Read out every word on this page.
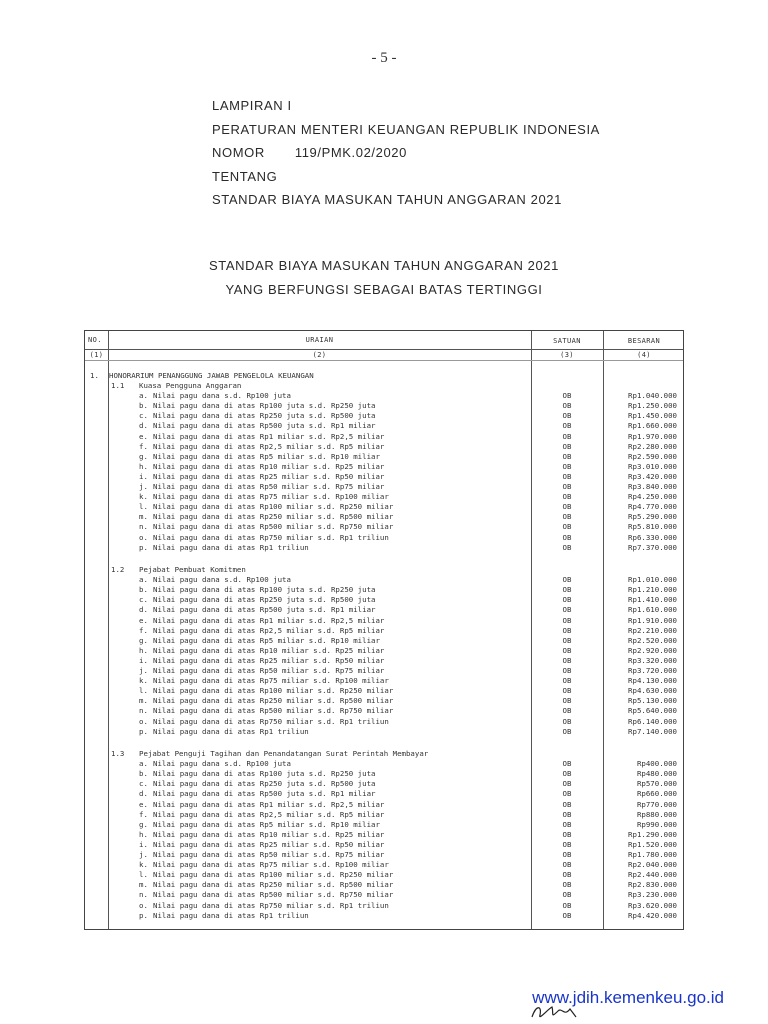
- 5 -
LAMPIRAN I
PERATURAN MENTERI KEUANGAN REPUBLIK INDONESIA
NOMOR 119/PMK.02/2020
TENTANG
STANDAR BIAYA MASUKAN TAHUN ANGGARAN 2021
STANDAR BIAYA MASUKAN TAHUN ANGGARAN 2021
YANG BERFUNGSI SEBAGAI BATAS TERTINGGI
NO.	URAIAN	SATUAN	BESARAN
(1)	(2)	(3)	(4)
1. HONORARIUM PENANGGUNG JAWAB PENGELOLA KEUANGAN
1.1 Kuasa Pengguna Anggaran
a. Nilai pagu dana s.d. Rp100 juta	OB	Rp1.040.000
b. Nilai pagu dana di atas Rp100 juta s.d. Rp250 juta	OB	Rp1.250.000
c. Nilai pagu dana di atas Rp250 juta s.d. Rp500 juta	OB	Rp1.450.000
d. Nilai pagu dana di atas Rp500 juta s.d. Rp1 miliar	OB	Rp1.660.000
e. Nilai pagu dana di atas Rp1 miliar s.d. Rp2,5 miliar	OB	Rp1.970.000
f. Nilai pagu dana di atas Rp2,5 miliar s.d. Rp5 miliar	OB	Rp2.280.000
g. Nilai pagu dana di atas Rp5 miliar s.d. Rp10 miliar	OB	Rp2.590.000
h. Nilai pagu dana di atas Rp10 miliar s.d. Rp25 miliar	OB	Rp3.010.000
i. Nilai pagu dana di atas Rp25 miliar s.d. Rp50 miliar	OB	Rp3.420.000
j. Nilai pagu dana di atas Rp50 miliar s.d. Rp75 miliar	OB	Rp3.840.000
k. Nilai pagu dana di atas Rp75 miliar s.d. Rp100 miliar	OB	Rp4.250.000
l. Nilai pagu dana di atas Rp100 miliar s.d. Rp250 miliar	OB	Rp4.770.000
m. Nilai pagu dana di atas Rp250 miliar s.d. Rp500 miliar	OB	Rp5.290.000
n. Nilai pagu dana di atas Rp500 miliar s.d. Rp750 miliar	OB	Rp5.810.000
o. Nilai pagu dana di atas Rp750 miliar s.d. Rp1 triliun	OB	Rp6.330.000
p. Nilai pagu dana di atas Rp1 triliun	OB	Rp7.370.000
1.2 Pejabat Pembuat Komitmen
a. Nilai pagu dana s.d. Rp100 juta	OB	Rp1.010.000
b. Nilai pagu dana di atas Rp100 juta s.d. Rp250 juta	OB	Rp1.210.000
c. Nilai pagu dana di atas Rp250 juta s.d. Rp500 juta	OB	Rp1.410.000
d. Nilai pagu dana di atas Rp500 juta s.d. Rp1 miliar	OB	Rp1.610.000
e. Nilai pagu dana di atas Rp1 miliar s.d. Rp2,5 miliar	OB	Rp1.910.000
f. Nilai pagu dana di atas Rp2,5 miliar s.d. Rp5 miliar	OB	Rp2.210.000
g. Nilai pagu dana di atas Rp5 miliar s.d. Rp10 miliar	OB	Rp2.520.000
h. Nilai pagu dana di atas Rp10 miliar s.d. Rp25 miliar	OB	Rp2.920.000
i. Nilai pagu dana di atas Rp25 miliar s.d. Rp50 miliar	OB	Rp3.320.000
j. Nilai pagu dana di atas Rp50 miliar s.d. Rp75 miliar	OB	Rp3.720.000
k. Nilai pagu dana di atas Rp75 miliar s.d. Rp100 miliar	OB	Rp4.130.000
l. Nilai pagu dana di atas Rp100 miliar s.d. Rp250 miliar	OB	Rp4.630.000
m. Nilai pagu dana di atas Rp250 miliar s.d. Rp500 miliar	OB	Rp5.130.000
n. Nilai pagu dana di atas Rp500 miliar s.d. Rp750 miliar	OB	Rp5.640.000
o. Nilai pagu dana di atas Rp750 miliar s.d. Rp1 triliun	OB	Rp6.140.000
p. Nilai pagu dana di atas Rp1 triliun	OB	Rp7.140.000
1.3 Pejabat Penguji Tagihan dan Penandatangan Surat Perintah Membayar
a. Nilai pagu dana s.d. Rp100 juta	OB	Rp400.000
b. Nilai pagu dana di atas Rp100 juta s.d. Rp250 juta	OB	Rp480.000
c. Nilai pagu dana di atas Rp250 juta s.d. Rp500 juta	OB	Rp570.000
d. Nilai pagu dana di atas Rp500 juta s.d. Rp1 miliar	OB	Rp660.000
e. Nilai pagu dana di atas Rp1 miliar s.d. Rp2,5 miliar	OB	Rp770.000
f. Nilai pagu dana di atas Rp2,5 miliar s.d. Rp5 miliar	OB	Rp880.000
g. Nilai pagu dana di atas Rp5 miliar s.d. Rp10 miliar	OB	Rp990.000
h. Nilai pagu dana di atas Rp10 miliar s.d. Rp25 miliar	OB	Rp1.290.000
i. Nilai pagu dana di atas Rp25 miliar s.d. Rp50 miliar	OB	Rp1.520.000
j. Nilai pagu dana di atas Rp50 miliar s.d. Rp75 miliar	OB	Rp1.780.000
k. Nilai pagu dana di atas Rp75 miliar s.d. Rp100 miliar	OB	Rp2.040.000
l. Nilai pagu dana di atas Rp100 miliar s.d. Rp250 miliar	OB	Rp2.440.000
m. Nilai pagu dana di atas Rp250 miliar s.d. Rp500 miliar	OB	Rp2.830.000
n. Nilai pagu dana di atas Rp500 miliar s.d. Rp750 miliar	OB	Rp3.230.000
o. Nilai pagu dana di atas Rp750 miliar s.d. Rp1 triliun	OB	Rp3.620.000
p. Nilai pagu dana di atas Rp1 triliun	OB	Rp4.420.000
www.jdih.kemenkeu.go.id
